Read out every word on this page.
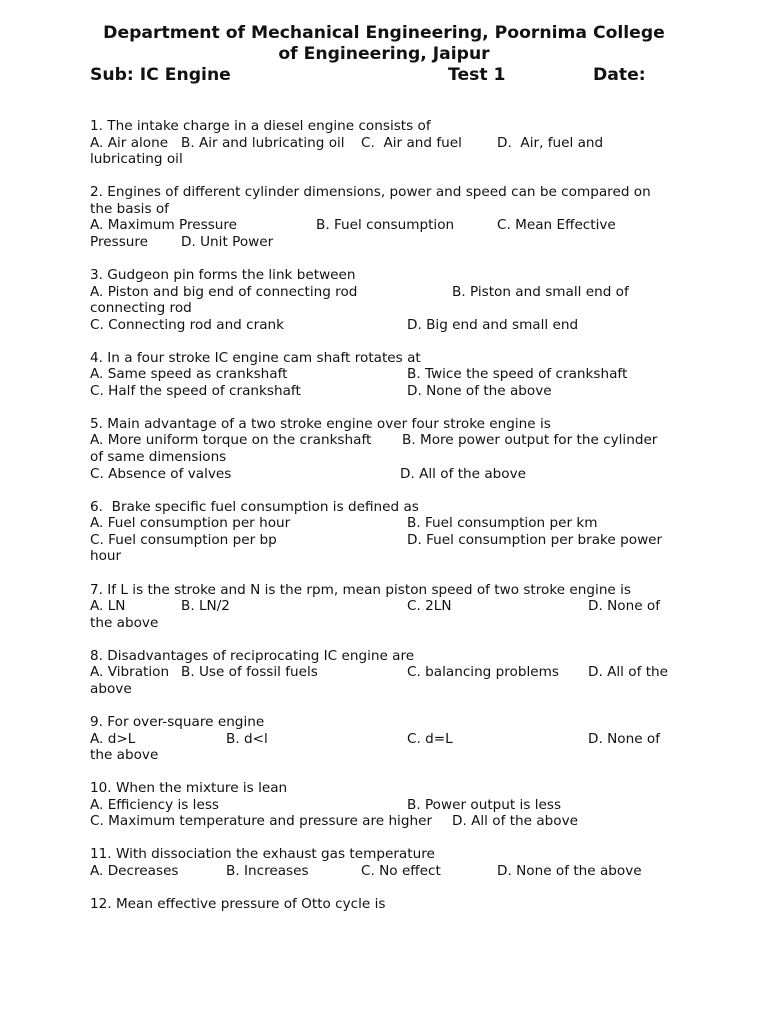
Department of Mechanical Engineering, Poornima College
of Engineering, Jaipur
Sub: IC Engine	Test 1	Date:
1. The intake charge in a diesel engine consists of
A. Air alone B. Air and lubricating oil C.  Air and fuel	D.  Air, fuel and
lubricating oil
2. Engines of different cylinder dimensions, power and speed can be compared on
the basis of
A. Maximum Pressure	B. Fuel consumption	C. Mean Effective
Pressure D. Unit Power
3. Gudgeon pin forms the link between
A. Piston and big end of connecting rod	B. Piston and small end of
connecting rod
C. Connecting rod and crank	D. Big end and small end
4. In a four stroke IC engine cam shaft rotates at
A. Same speed as crankshaft	B. Twice the speed of crankshaft
C. Half the speed of crankshaft	D. None of the above
5. Main advantage of a two stroke engine over four stroke engine is
A. More uniform torque on the crankshaft B. More power output for the cylinder
of same dimensions
C. Absence of valves	D. All of the above
6.  Brake specific fuel consumption is defined as
A. Fuel consumption per hour	B. Fuel consumption per km
C. Fuel consumption per bp	D. Fuel consumption per brake power
hour
7. If L is the stroke and N is the rpm, mean piston speed of two stroke engine is
A. LN	B. LN/2	C. 2LN	D. None of
the above
8. Disadvantages of reciprocating IC engine are
A. Vibration B. Use of fossil fuels	C. balancing problems D. All of the
above
9. For over-square engine
A. d>L	B. d<l	C. d=L	D. None of
the above
10. When the mixture is lean
A. Efficiency is less	B. Power output is less
C. Maximum temperature and pressure are higher D. All of the above
11. With dissociation the exhaust gas temperature
A. Decreases	B. Increases	C. No effect	D. None of the above
12. Mean effective pressure of Otto cycle is
